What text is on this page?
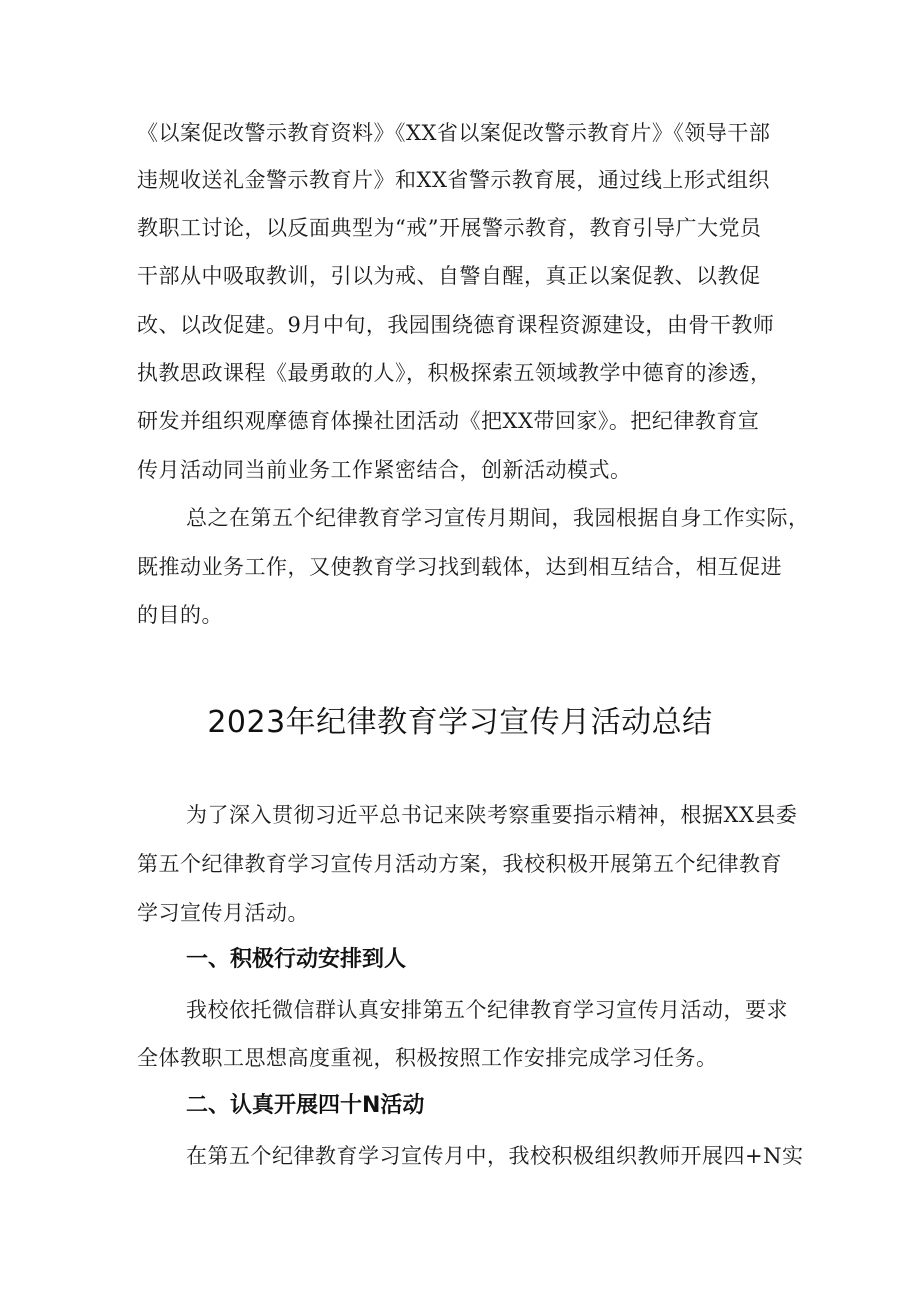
《以案促改警示教育资料》《XX省以案促改警示教育片》《领导干部
违规收送礼金警示教育片》和XX省警示教育展，通过线上形式组织
教职工讨论，以反面典型为“戒”开展警示教育，教育引导广大党员
干部从中吸取教训，引以为戒、自警自醒，真正以案促教、以教促
改、以改促建。9月中旬，我园围绕德育课程资源建设，由骨干教师
执教思政课程《最勇敢的人》，积极探索五领域教学中德育的渗透，
研发并组织观摩德育体操社团活动《把XX带回家》。把纪律教育宣
传月活动同当前业务工作紧密结合，创新活动模式。
总之在第五个纪律教育学习宣传月期间，我园根据自身工作实际，
既推动业务工作，又使教育学习找到载体，达到相互结合，相互促进
的目的。
2023年纪律教育学习宣传月活动总结
为了深入贯彻习近平总书记来陕考察重要指示精神，根据XX县委
第五个纪律教育学习宣传月活动方案，我校积极开展第五个纪律教育
学习宣传月活动。
一、积极行动安排到人
我校依托微信群认真安排第五个纪律教育学习宣传月活动，要求
全体教职工思想高度重视，积极按照工作安排完成学习任务。
二、认真开展四十N活动
在第五个纪律教育学习宣传月中，我校积极组织教师开展四+N实
